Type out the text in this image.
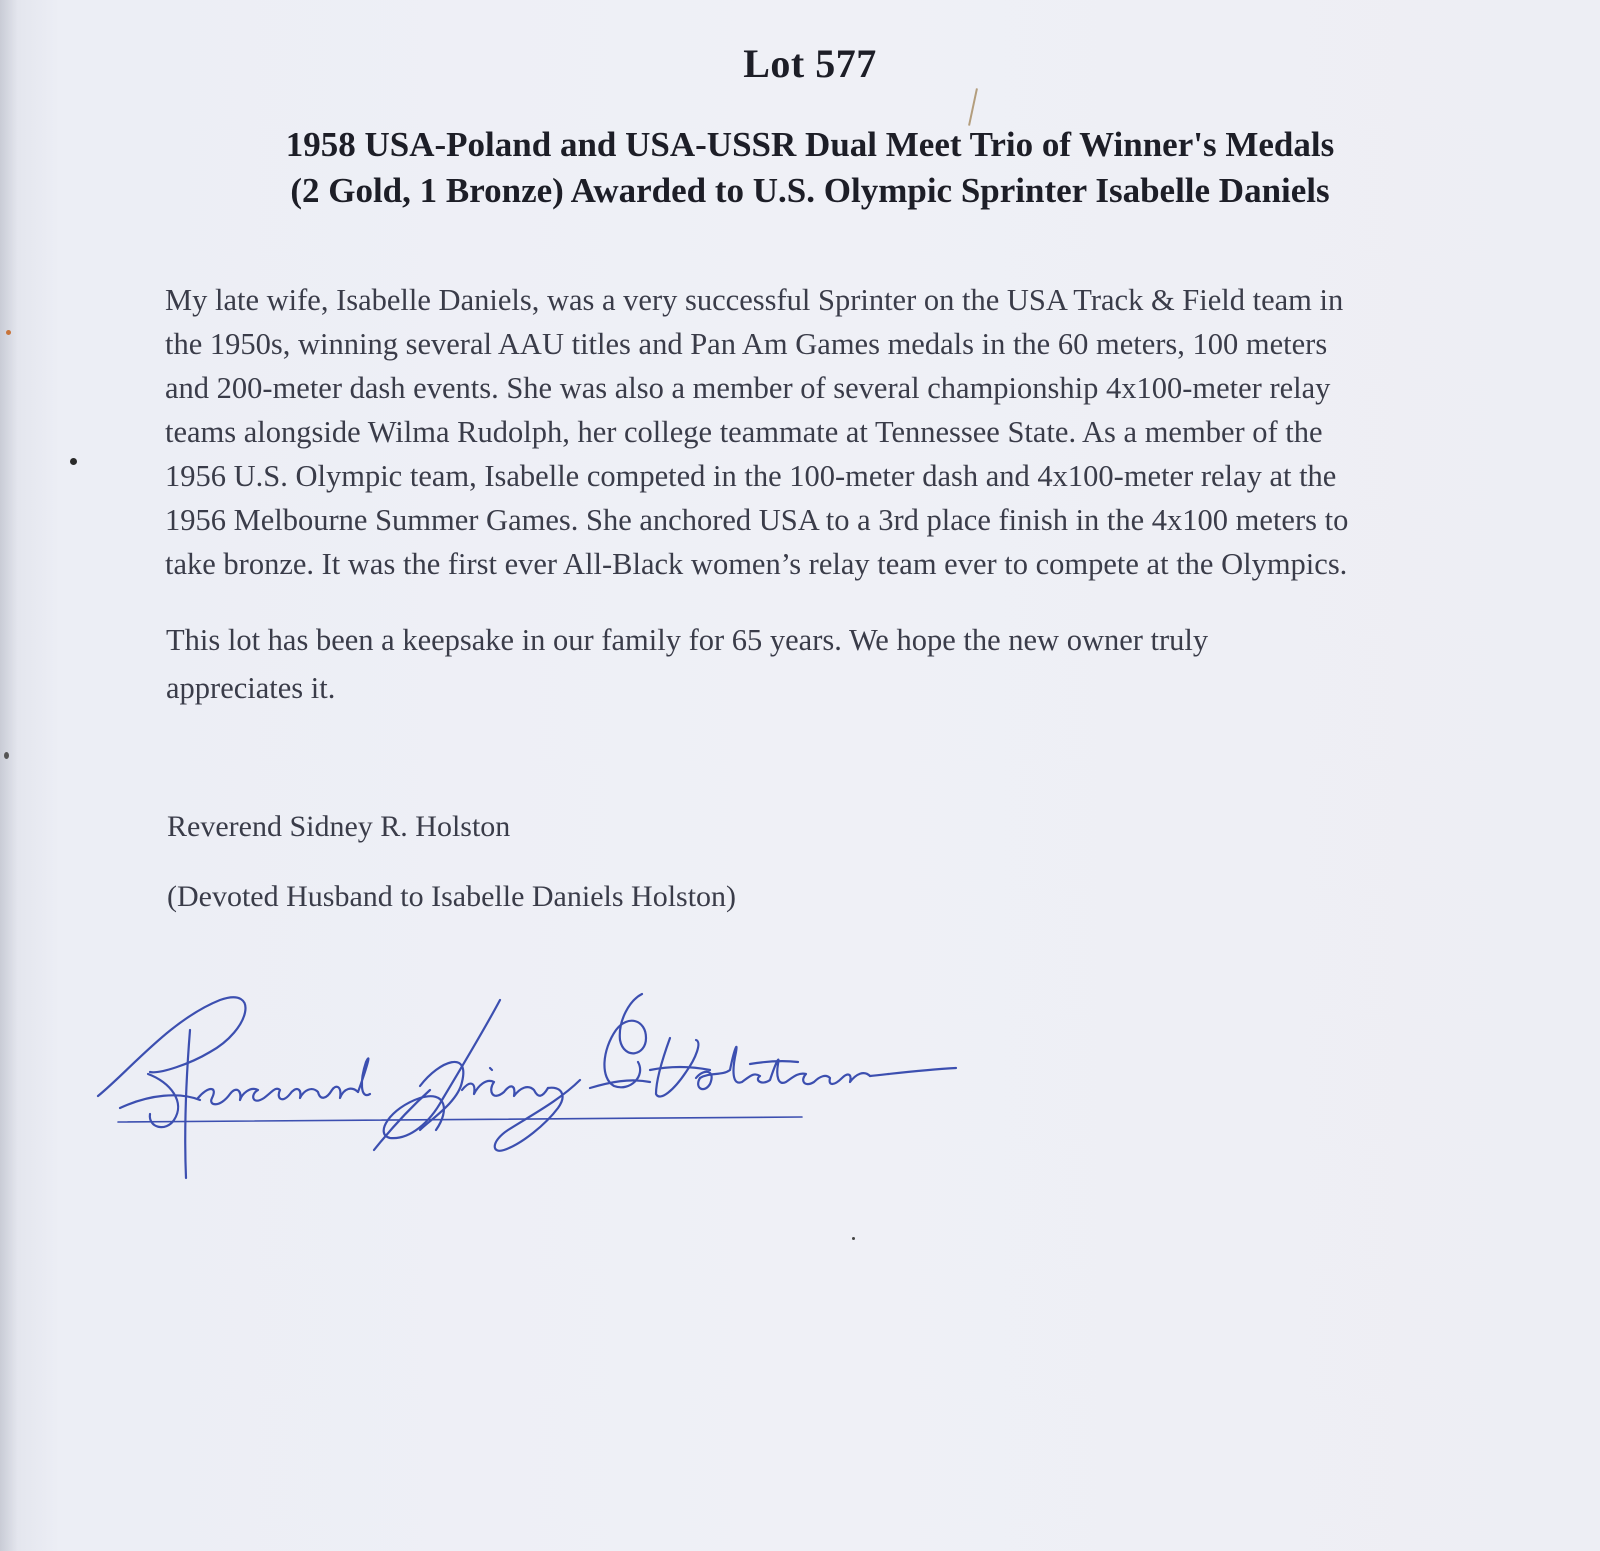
Lot 577
1958 USA-Poland and USA-USSR Dual Meet Trio of Winner's Medals
(2 Gold, 1 Bronze) Awarded to U.S. Olympic Sprinter Isabelle Daniels
My late wife, Isabelle Daniels, was a very successful Sprinter on the USA Track & Field team in
the 1950s, winning several AAU titles and Pan Am Games medals in the 60 meters, 100 meters
and 200-meter dash events. She was also a member of several championship 4x100-meter relay
teams alongside Wilma Rudolph, her college teammate at Tennessee State. As a member of the
1956 U.S. Olympic team, Isabelle competed in the 100-meter dash and 4x100-meter relay at the
1956 Melbourne Summer Games. She anchored USA to a 3rd place finish in the 4x100 meters to
take bronze. It was the first ever All-Black women’s relay team ever to compete at the Olympics.
This lot has been a keepsake in our family for 65 years. We hope the new owner truly
appreciates it.
Reverend Sidney R. Holston
(Devoted Husband to Isabelle Daniels Holston)
